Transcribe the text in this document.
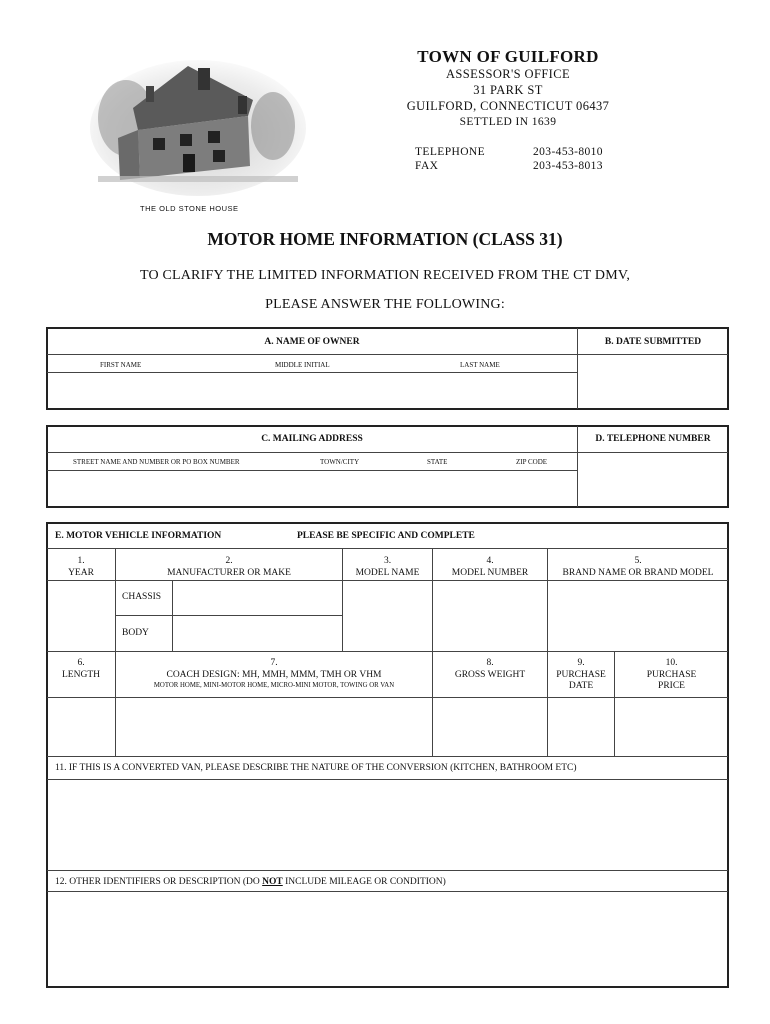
THE OLD STONE HOUSE
TOWN OF GUILFORD
ASSESSOR'S OFFICE
31 PARK ST
GUILFORD, CONNECTICUT 06437
SETTLED IN 1639
TELEPHONE	203-453-8010
FAX	203-453-8013
MOTOR HOME INFORMATION (CLASS 31)
TO CLARIFY THE LIMITED INFORMATION RECEIVED FROM THE CT DMV,
PLEASE ANSWER THE FOLLOWING:
A. NAME OF OWNER	B. DATE SUBMITTED
FIRST NAME	MIDDLE INITIAL	LAST NAME
C. MAILING ADDRESS	D. TELEPHONE NUMBER
STREET NAME AND NUMBER OR PO BOX NUMBER	TOWN/CITY	STATE	ZIP CODE
E. MOTOR VEHICLE INFORMATION	PLEASE BE SPECIFIC AND COMPLETE
1.
YEAR
2.
MANUFACTURER OR MAKE
3.
MODEL NAME
4.
MODEL NUMBER
5.
BRAND NAME OR BRAND MODEL
CHASSIS
BODY
6.
LENGTH
7.
COACH DESIGN: MH, MMH, MMM, TMH OR VHM
MOTOR HOME, MINI-MOTOR HOME, MICRO-MINI MOTOR, TOWING OR VAN
8.
GROSS WEIGHT
9.
PURCHASE
DATE
10.
PURCHASE
PRICE
11. IF THIS IS A CONVERTED VAN, PLEASE DESCRIBE THE NATURE OF THE CONVERSION (KITCHEN, BATHROOM ETC)
12. OTHER IDENTIFIERS OR DESCRIPTION (DO NOT INCLUDE MILEAGE OR CONDITION)
